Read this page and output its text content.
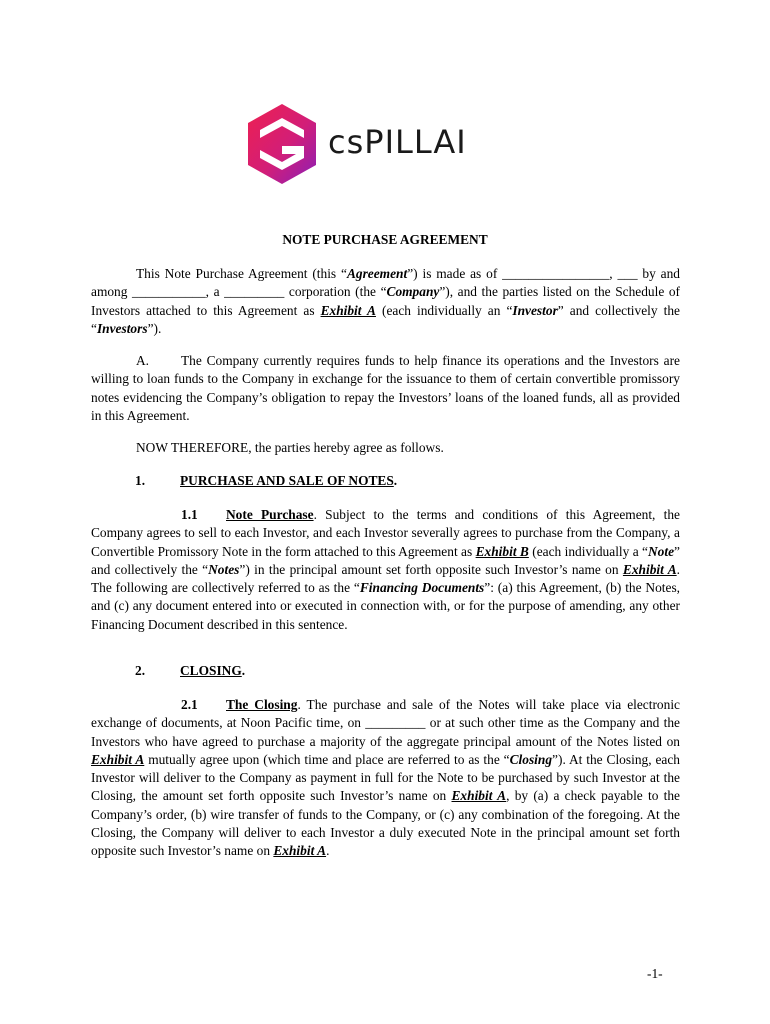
csPILLAI
NOTE PURCHASE AGREEMENT

This Note Purchase Agreement (this “Agreement”) is made as of ________________, ___ by and among ___________, a _________ corporation (the “Company”), and the parties listed on the Schedule of Investors attached to this Agreement as Exhibit A (each individually an “Investor” and collectively the “Investors”).

A. The Company currently requires funds to help finance its operations and the Investors are willing to loan funds to the Company in exchange for the issuance to them of certain convertible promissory notes evidencing the Company’s obligation to repay the Investors’ loans of the loaned funds, all as provided in this Agreement.

NOW THEREFORE, the parties hereby agree as follows.

1.	PURCHASE AND SALE OF NOTES.

1.1 Note Purchase. Subject to the terms and conditions of this Agreement, the Company agrees to sell to each Investor, and each Investor severally agrees to purchase from the Company, a Convertible Promissory Note in the form attached to this Agreement as Exhibit B (each individually a “Note” and collectively the “Notes”) in the principal amount set forth opposite such Investor’s name on Exhibit A. The following are collectively referred to as the “Financing Documents”: (a) this Agreement, (b) the Notes, and (c) any document entered into or executed in connection with, or for the purpose of amending, any other Financing Document described in this sentence.

2.	CLOSING.

2.1 The Closing. The purchase and sale of the Notes will take place via electronic exchange of documents, at Noon Pacific time, on _________ or at such other time as the Company and the Investors who have agreed to purchase a majority of the aggregate principal amount of the Notes listed on Exhibit A mutually agree upon (which time and place are referred to as the “Closing”). At the Closing, each Investor will deliver to the Company as payment in full for the Note to be purchased by such Investor at the Closing, the amount set forth opposite such Investor’s name on Exhibit A, by (a) a check payable to the Company’s order, (b) wire transfer of funds to the Company, or (c) any combination of the foregoing. At the Closing, the Company will deliver to each Investor a duly executed Note in the principal amount set forth opposite such Investor’s name on Exhibit A.

-1-
